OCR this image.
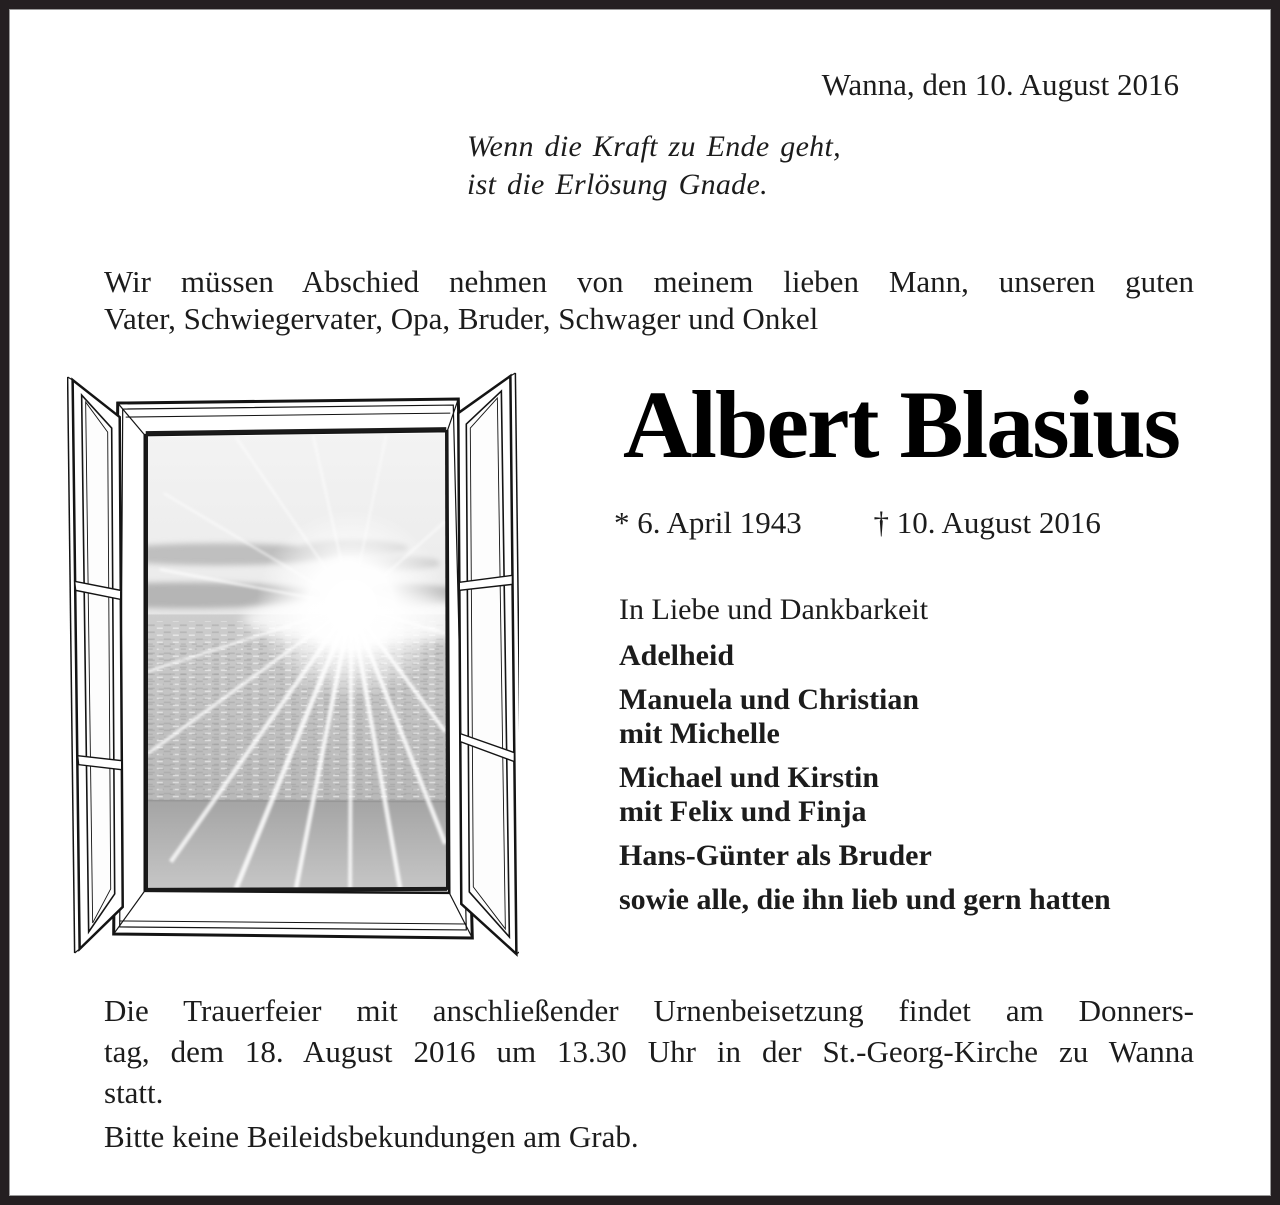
Wanna, den 10. August 2016
Wenn die Kraft zu Ende geht,
ist die Erlösung Gnade.
Wir müssen Abschied nehmen von meinem lieben Mann, unseren guten
Vater, Schwiegervater, Opa, Bruder, Schwager und Onkel
Albert Blasius
* 6. April 1943 † 10. August 2016
In Liebe und Dankbarkeit
Adelheid
Manuela und Christian
mit Michelle
Michael und Kirstin
mit Felix und Finja
Hans-Günter als Bruder
sowie alle, die ihn lieb und gern hatten
Die Trauerfeier mit anschließender Urnenbeisetzung findet am Donners-
tag, dem 18. August 2016 um 13.30 Uhr in der St.-Georg-Kirche zu Wanna
statt.
Bitte keine Beileidsbekundungen am Grab.
